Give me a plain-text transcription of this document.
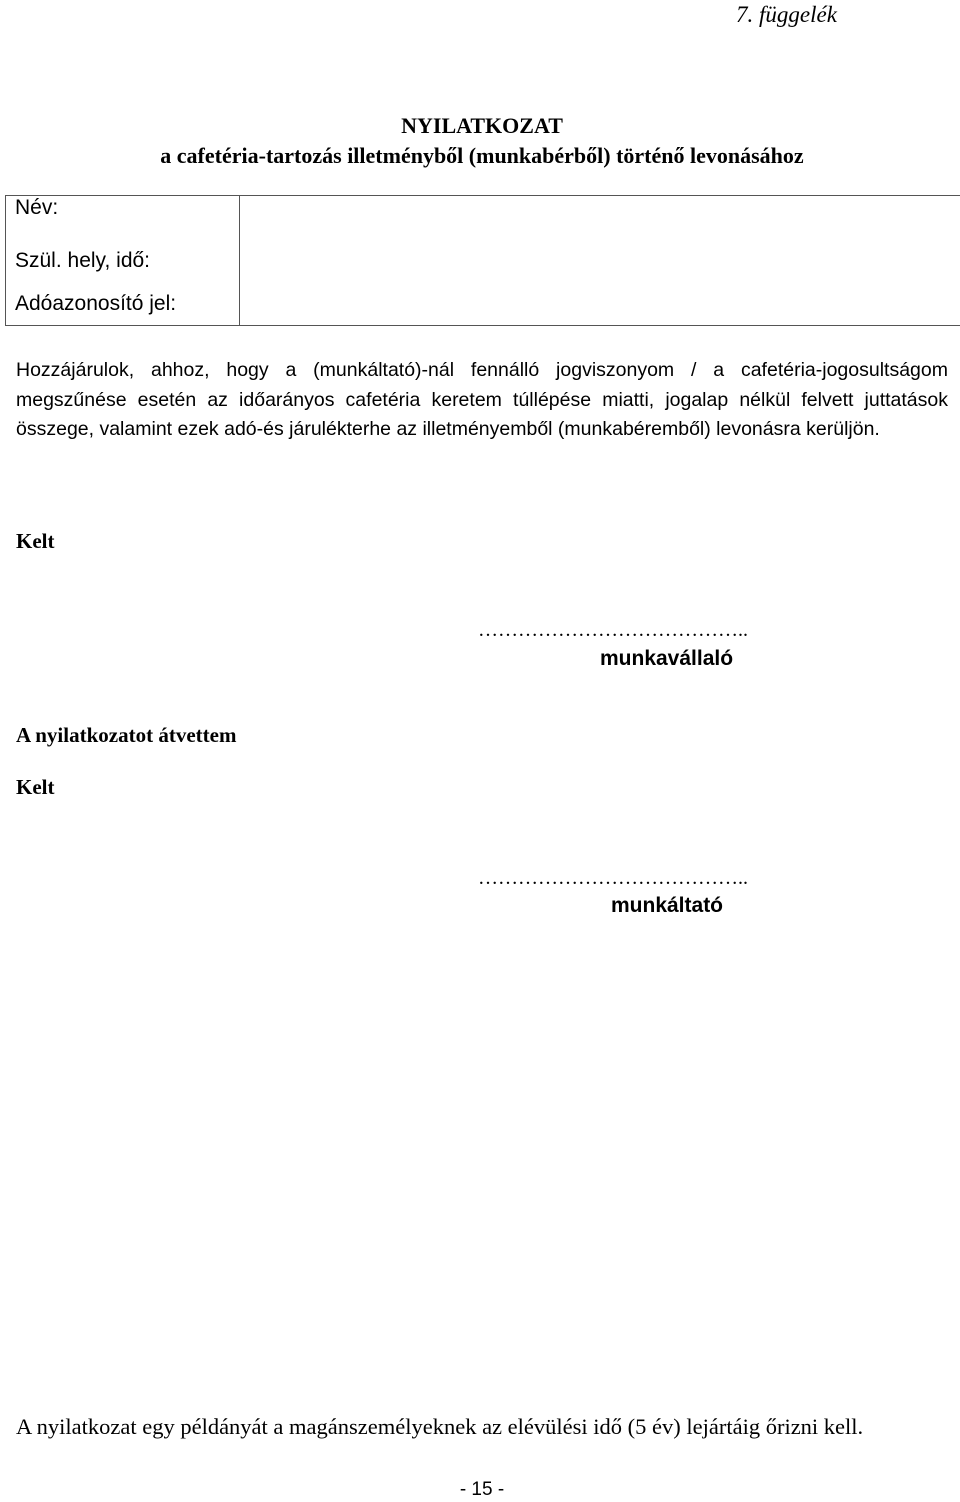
7. függelék
NYILATKOZAT
a cafetéria-tartozás illetményből (munkabérből) történő levonásához
Név:	
Szül. hely, idő:
Adóazonosító jel:
Hozzájárulok, ahhoz, hogy a (munkáltató)-nál fennálló jogviszonyom / a cafetéria-jogosultságom megszűnése esetén az időarányos cafetéria keretem túllépése miatti, jogalap nélkül felvett juttatások összege, valamint ezek adó-és járulékterhe az illetményemből (munkabéremből) levonásra kerüljön.
Kelt
…………………………………..
munkavállaló
A nyilatkozatot átvettem
Kelt
…………………………………..
munkáltató
A nyilatkozat egy példányát a magánszemélyeknek az elévülési idő (5 év) lejártáig őrizni kell.
- 15 -
